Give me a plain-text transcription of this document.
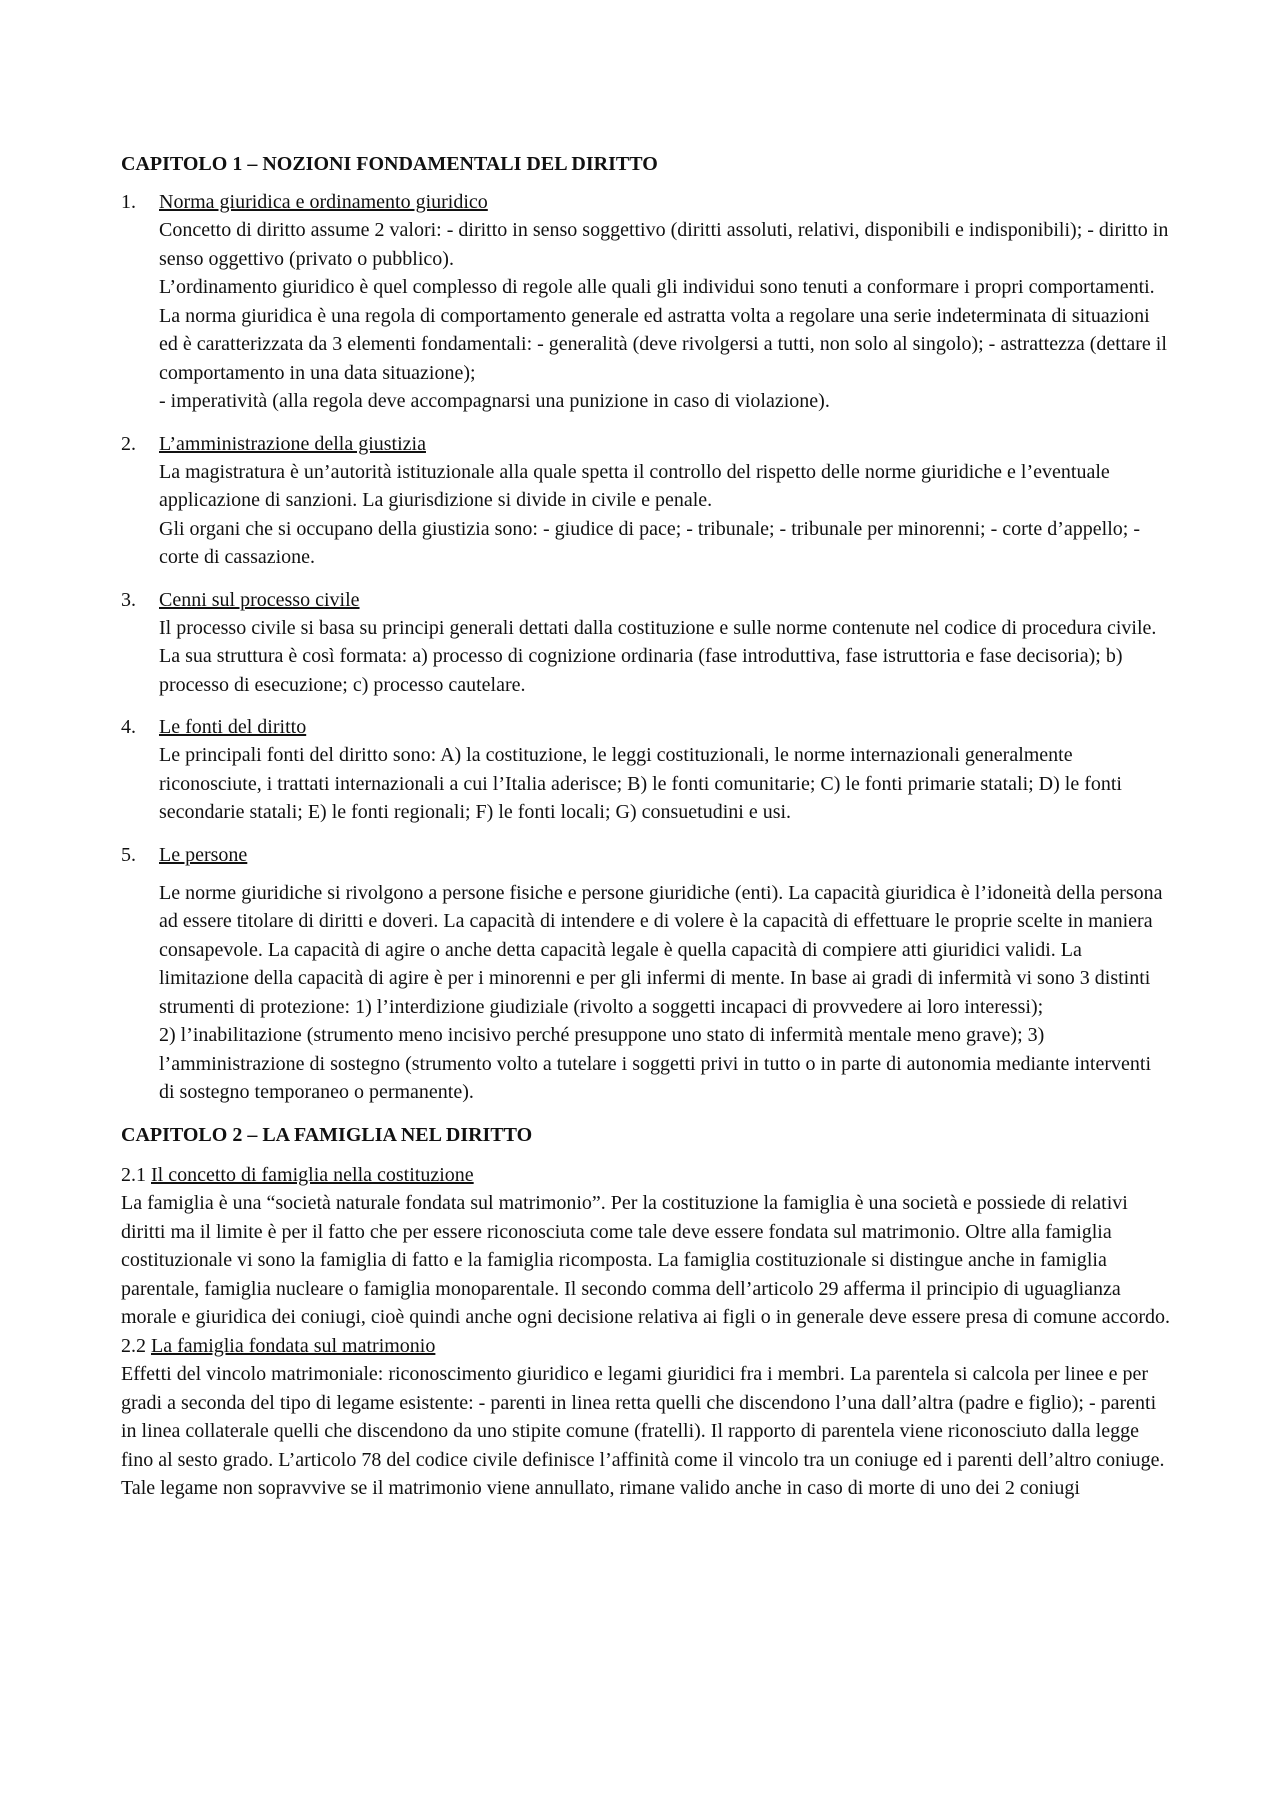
CAPITOLO 1 – NOZIONI FONDAMENTALI DEL DIRITTO
1. Norma giuridica e ordinamento giuridico

Concetto di diritto assume 2 valori: - diritto in senso soggettivo (diritti assoluti, relativi, disponibili e indisponibili); - diritto in senso oggettivo (privato o pubblico).

L’ordinamento giuridico è quel complesso di regole alle quali gli individui sono tenuti a conformare i propri comportamenti. La norma giuridica è una regola di comportamento generale ed astratta volta a regolare una serie indeterminata di situazioni ed è caratterizzata da 3 elementi fondamentali: - generalità (deve rivolgersi a tutti, non solo al singolo); - astrattezza (dettare il comportamento in una data situazione);

- imperatività (alla regola deve accompagnarsi una punizione in caso di violazione).

2. L’amministrazione della giustizia

La magistratura è un’autorità istituzionale alla quale spetta il controllo del rispetto delle norme giuridiche e l’eventuale applicazione di sanzioni. La giurisdizione si divide in civile e penale.

Gli organi che si occupano della giustizia sono: - giudice di pace; - tribunale; - tribunale per minorenni; - corte d’appello; - corte di cassazione.

3. Cenni sul processo civile

Il processo civile si basa su principi generali dettati dalla costituzione e sulle norme contenute nel codice di procedura civile. La sua struttura è così formata: a) processo di cognizione ordinaria (fase introduttiva, fase istruttoria e fase decisoria); b) processo di esecuzione; c) processo cautelare.

4. Le fonti del diritto

Le principali fonti del diritto sono: A) la costituzione, le leggi costituzionali, le norme internazionali generalmente riconosciute, i trattati internazionali a cui l’Italia aderisce; B) le fonti comunitarie; C) le fonti primarie statali; D) le fonti secondarie statali; E) le fonti regionali; F) le fonti locali; G) consuetudini e usi.

5. Le persone

Le norme giuridiche si rivolgono a persone fisiche e persone giuridiche (enti). La capacità giuridica è l’idoneità della persona ad essere titolare di diritti e doveri. La capacità di intendere e di volere è la capacità di effettuare le proprie scelte in maniera consapevole. La capacità di agire o anche detta capacità legale è quella capacità di compiere atti giuridici validi. La limitazione della capacità di agire è per i minorenni e per gli infermi di mente. In base ai gradi di infermità vi sono 3 distinti strumenti di protezione: 1) l’interdizione giudiziale (rivolto a soggetti incapaci di provvedere ai loro interessi);

2) l’inabilitazione (strumento meno incisivo perché presuppone uno stato di infermità mentale meno grave); 3) l’amministrazione di sostegno (strumento volto a tutelare i soggetti privi in tutto o in parte di autonomia mediante interventi di sostegno temporaneo o permanente).

CAPITOLO 2 – LA FAMIGLIA NEL DIRITTO
2.1 Il concetto di famiglia nella costituzione

La famiglia è una “società naturale fondata sul matrimonio”. Per la costituzione la famiglia è una società e possiede di relativi diritti ma il limite è per il fatto che per essere riconosciuta come tale deve essere fondata sul matrimonio. Oltre alla famiglia costituzionale vi sono la famiglia di fatto e la famiglia ricomposta. La famiglia costituzionale si distingue anche in famiglia parentale, famiglia nucleare o famiglia monoparentale. Il secondo comma dell’articolo 29 afferma il principio di uguaglianza morale e giuridica dei coniugi, cioè quindi anche ogni decisione relativa ai figli o in generale deve essere presa di comune accordo.

2.2 La famiglia fondata sul matrimonio

Effetti del vincolo matrimoniale: riconoscimento giuridico e legami giuridici fra i membri. La parentela si calcola per linee e per gradi a seconda del tipo di legame esistente: - parenti in linea retta quelli che discendono l’una dall’altra (padre e figlio); - parenti in linea collaterale quelli che discendono da uno stipite comune (fratelli). Il rapporto di parentela viene riconosciuto dalla legge fino al sesto grado. L’articolo 78 del codice civile definisce l’affinità come il vincolo tra un coniuge ed i parenti dell’altro coniuge. Tale legame non sopravvive se il matrimonio viene annullato, rimane valido anche in caso di morte di uno dei 2 coniugi
